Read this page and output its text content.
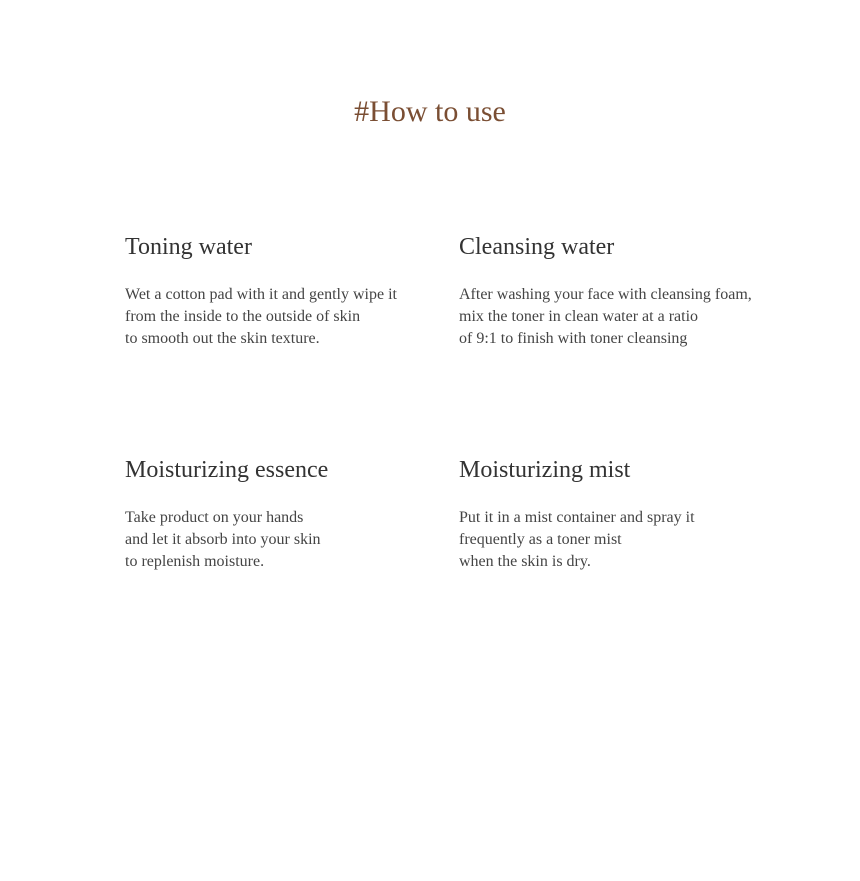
#How to use
Toning water

Wet a cotton pad with it and gently wipe it
from the inside to the outside of skin
to smooth out the skin texture.

Cleansing water

After washing your face with cleansing foam,
mix the toner in clean water at a ratio
of 9:1 to finish with toner cleansing

Moisturizing essence

Take product on your hands
and let it absorb into your skin
to replenish moisture.

Moisturizing mist

Put it in a mist container and spray it
frequently as a toner mist
when the skin is dry.
